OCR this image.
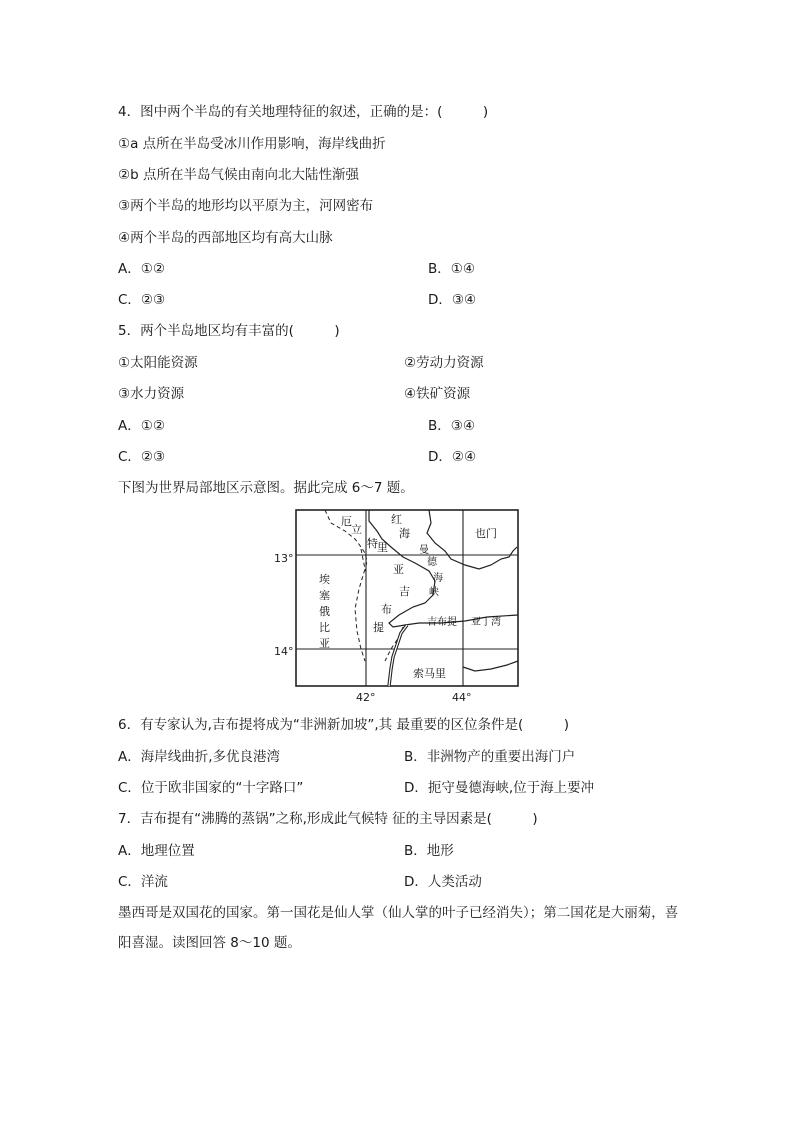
4．图中两个半岛的有关地理特征的叙述，正确的是：(　　　)
①a 点所在半岛受冰川作用影响，海岸线曲折
②b 点所在半岛气候由南向北大陆性渐强
③两个半岛的地形均以平原为主，河网密布
④两个半岛的西部地区均有高大山脉
A．①②	B．①④
C．②③	D．③④
5．两个半岛地区均有丰富的(　　　)
①太阳能资源	②劳动力资源
③水力资源	④铁矿资源
A．①②	B．③④
C．②③	D．②④
下图为世界局部地区示意图。据此完成 6～7 题。
厄
立
特 里
红
海	也门
曼
德
海
峡
亚
埃
塞
俄
比
亚
吉
布
提	吉布提 亚丁湾
索马里
13°
14°
42°	44°
6．有专家认为,吉布提将成为“非洲新加坡”,其 最重要的区位条件是(　　　)
A．海岸线曲折,多优良港湾	B．非洲物产的重要出海门户
C．位于欧非国家的“十字路口”	D．扼守曼德海峡,位于海上要冲
7．吉布提有“沸腾的蒸锅”之称,形成此气候特 征的主导因素是(　　　)
A．地理位置	B．地形
C．洋流	D．人类活动
墨西哥是双国花的国家。第一国花是仙人掌（仙人掌的叶子已经消失）；第二国花是大丽菊，喜阳喜湿。读图回答 8～10 题。
